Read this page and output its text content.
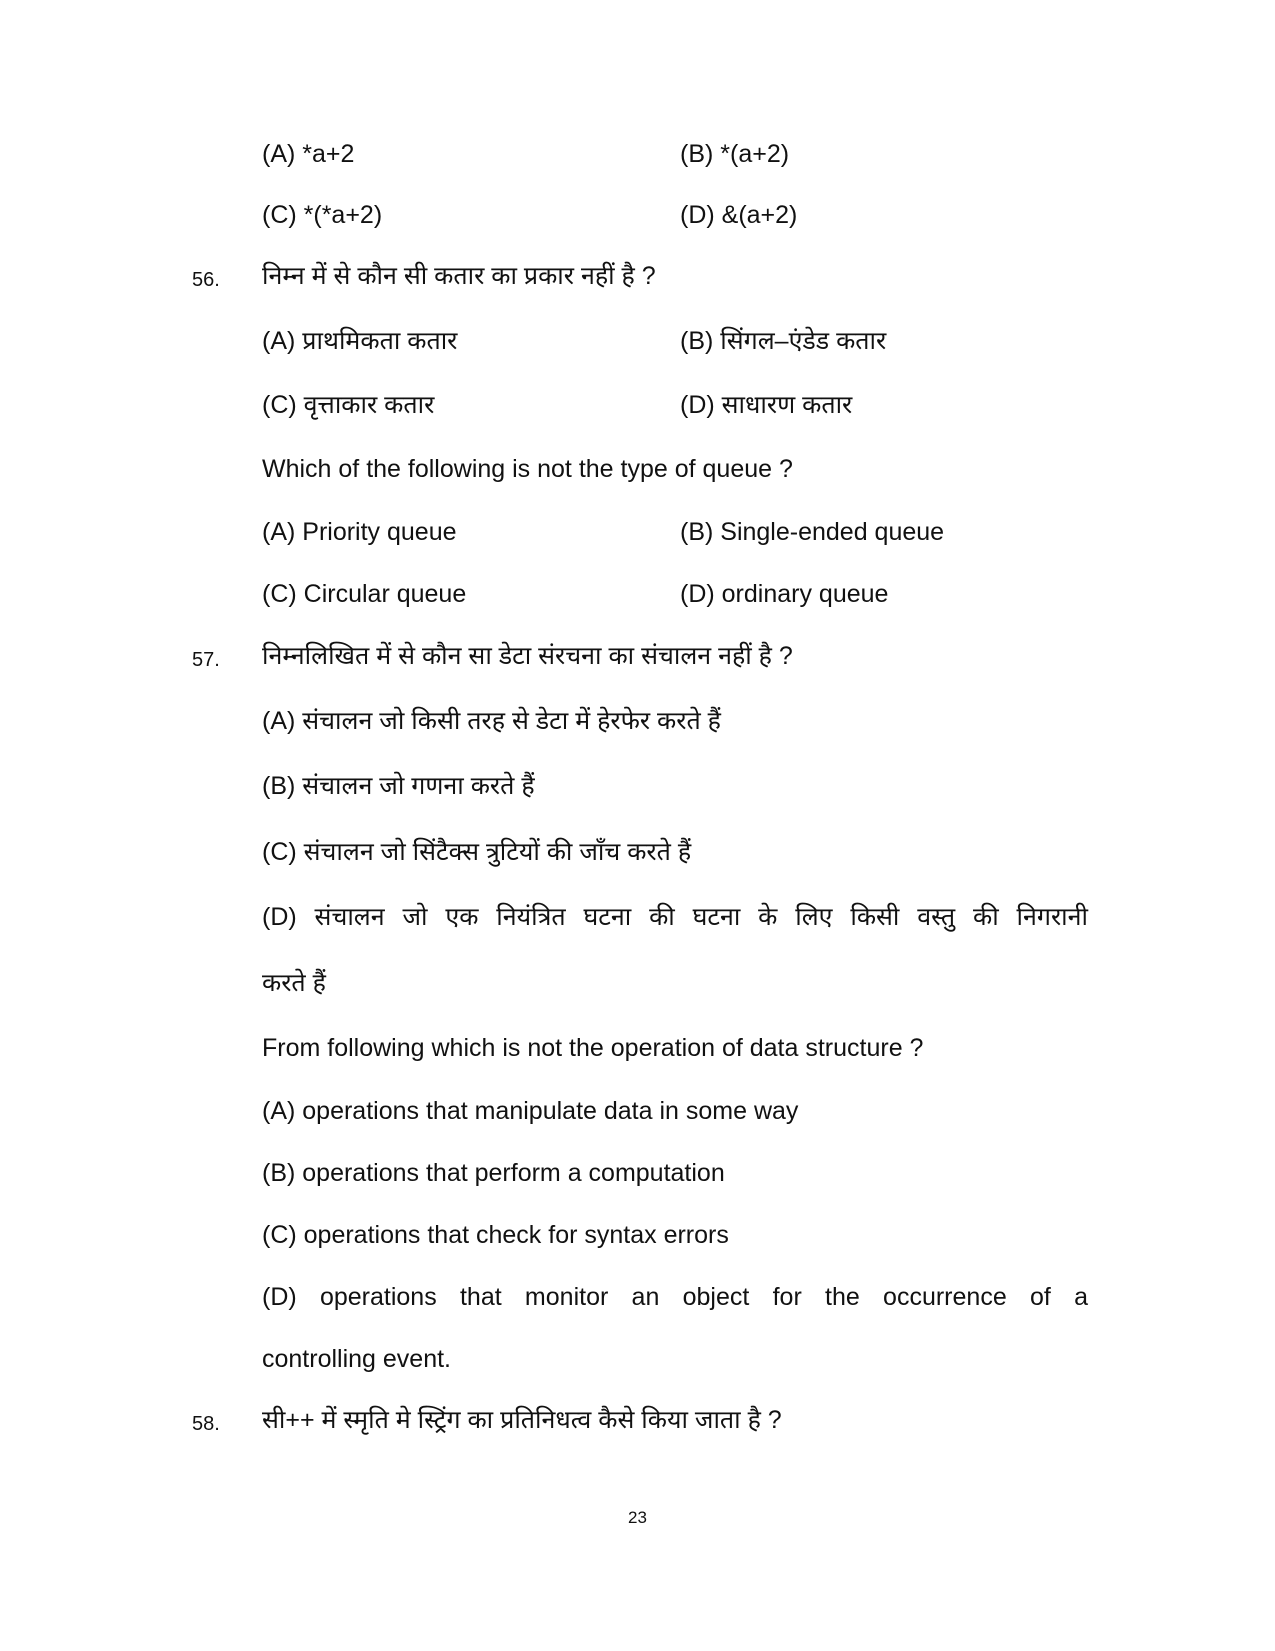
(A) *a+2	(B) *(a+2)
(C) *(*a+2)	(D) &(a+2)
56. निम्न में से कौन सी कतार का प्रकार नहीं है ?
(A) प्राथमिकता कतार	(B) सिंगल–एंडेड कतार
(C) वृत्ताकार कतार	(D) साधारण कतार
Which of the following is not the type of queue ?
(A) Priority queue	(B) Single-ended queue
(C) Circular queue	(D) ordinary queue
57. निम्नलिखित में से कौन सा डेटा संरचना का संचालन नहीं है ?
(A) संचालन जो किसी तरह से डेटा में हेरफेर करते हैं
(B) संचालन जो गणना करते हैं
(C) संचालन जो सिंटैक्स त्रुटियों की जाँच करते हैं
(D) संचालन जो एक नियंत्रित घटना की घटना के लिए किसी वस्तु की निगरानी
करते हैं
From following which is not the operation of data structure ?
(A) operations that manipulate data in some way
(B) operations that perform a computation
(C) operations that check for syntax errors
(D) operations that monitor an object for the occurrence of a
controlling event.
58. सी++ में स्मृति मे स्ट्रिंग का प्रतिनिधत्व कैसे किया जाता है ?
23
